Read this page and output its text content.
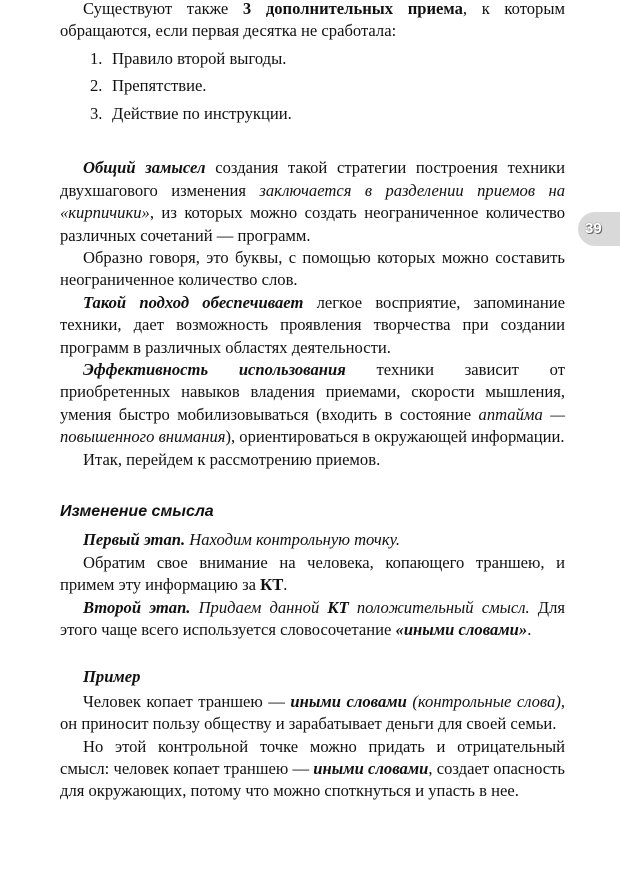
39

Существуют также 3 дополнительных приема, к которым обращаются, если первая десятка не сработала:

1. Правило второй выгоды.
2. Препятствие.
3. Действие по инструкции.

Общий замысел создания такой стратегии построения техники двухшагового изменения заключается в разделении приемов на «кирпичики», из которых можно создать неограниченное количество различных сочетаний — программ.

Образно говоря, это буквы, с помощью которых можно составить неограниченное количество слов.

Такой подход обеспечивает легкое восприятие, запоминание техники, дает возможность проявления творчества при создании программ в различных областях деятельности.

Эффективность использования техники зависит от приобретенных навыков владения приемами, скорости мышления, умения быстро мобилизовываться (входить в состояние аптайма — повышенного внимания), ориентироваться в окружающей информации.

Итак, перейдем к рассмотрению приемов.

Изменение смысла

Первый этап. Находим контрольную точку.

Обратим свое внимание на человека, копающего траншею, и примем эту информацию за КТ.

Второй этап. Придаем данной КТ положительный смысл. Для этого чаще всего используется словосочетание «иными словами».

Пример

Человек копает траншею — иными словами (контрольные слова), он приносит пользу обществу и зарабатывает деньги для своей семьи.

Но этой контрольной точке можно придать и отрицательный смысл: человек копает траншею — иными словами, создает опасность для окружающих, потому что можно споткнуться и упасть в нее.
